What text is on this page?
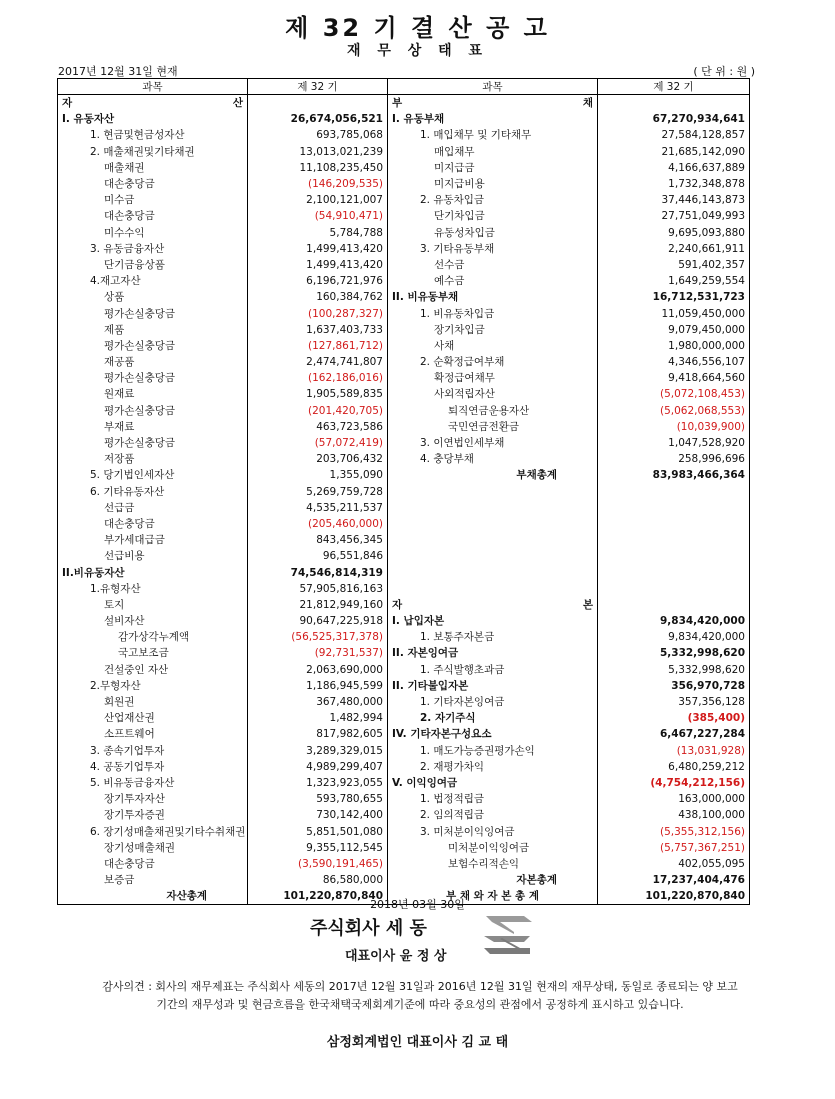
제 32 기 결 산 공 고
재 무 상 태 표
2017년 12월 31일 현재	( 단 위 : 원 )
과목	제 32 기	과목	제 32 기

자 산		부 채	

I. 유동자산	26,674,056,521	I. 유동부채	67,270,934,641
1. 현금및현금성자산	693,785,068	1. 매입채무 및 기타채무	27,584,128,857
2. 매출채권및기타채권	13,013,021,239	매입채무	21,685,142,090
매출채권	11,108,235,450	미지급금	4,166,637,889
대손충당금	(146,209,535)	미지급비용	1,732,348,878
미수금	2,100,121,007	2. 유동차입금	37,446,143,873
대손충당금	(54,910,471)	단기차입금	27,751,049,993
미수수익	5,784,788	유동성차입금	9,695,093,880
3. 유동금융자산	1,499,413,420	3. 기타유동부채	2,240,661,911
단기금융상품	1,499,413,420	선수금	591,402,357
4.재고자산	6,196,721,976	예수금	1,649,259,554
상품	160,384,762	II. 비유동부채	16,712,531,723
평가손실충당금	(100,287,327)	1. 비유동차입금	11,059,450,000
제품	1,637,403,733	장기차입금	9,079,450,000
평가손실충당금	(127,861,712)	사채	1,980,000,000
재공품	2,474,741,807	2. 순확정급여부채	4,346,556,107
평가손실충당금	(162,186,016)	확정급여채무	9,418,664,560
원재료	1,905,589,835	사외적립자산	(5,072,108,453)
평가손실충당금	(201,420,705)	퇴직연금운용자산	(5,062,068,553)
부재료	463,723,586	국민연금전환금	(10,039,900)
평가손실충당금	(57,072,419)	3. 이연법인세부채	1,047,528,920
저장품	203,706,432	4. 충당부채	258,996,696
5. 당기법인세자산	1,355,090	부채총계	83,983,466,364
6. 기타유동자산	5,269,759,728		
선급금	4,535,211,537		
대손충당금	(205,460,000)		
부가세대급금	843,456,345		
선급비용	96,551,846		
II.비유동자산	74,546,814,319		
1.유형자산	57,905,816,163		
토지	21,812,949,160	자 본	

설비자산	90,647,225,918	I. 납입자본	9,834,420,000
감가상각누계액	(56,525,317,378)	1. 보통주자본금	9,834,420,000
국고보조금	(92,731,537)	II. 자본잉여금	5,332,998,620
건설중인 자산	2,063,690,000	1. 주식발행초과금	5,332,998,620
2.무형자산	1,186,945,599	II. 기타불입자본	356,970,728
회원권	367,480,000	1. 기타자본잉여금	357,356,128
산업재산권	1,482,994	2. 자기주식	(385,400)
소프트웨어	817,982,605	IV. 기타자본구성요소	6,467,227,284
3. 종속기업투자	3,289,329,015	1. 매도가능증권평가손익	(13,031,928)
4. 공동기업투자	4,989,299,407	2. 재평가차익	6,480,259,212
5. 비유동금융자산	1,323,923,055	V. 이익잉여금	(4,754,212,156)
장기투자자산	593,780,655	1. 법정적립금	163,000,000
장기투자증권	730,142,400	2. 임의적립금	438,100,000
6. 장기성매출채권및기타수취채권	5,851,501,080	3. 미처분이익잉여금	(5,355,312,156)
장기성매출채권	9,355,112,545	미처분이익잉여금	(5,757,367,251)
대손충당금	(3,590,191,465)	보험수리적손익	402,055,095
보증금	86,580,000	자본총계	17,237,404,476
자산총계	101,220,870,840	부 채 와 자 본 총 계	101,220,870,840
2018년 03월 30일
주식회사 세 동
대표이사 윤 정 상
감사의견 : 회사의 재무제표는 주식회사 세동의 2017년 12월 31일과 2016년 12월 31일 현재의 재무상태, 동일로 종료되는 양 보고
기간의 재무성과 및 현금흐름을 한국채택국제회계기준에 따라 중요성의 관점에서 공정하게 표시하고 있습니다.
삼정회계법인 대표이사 김 교 태
